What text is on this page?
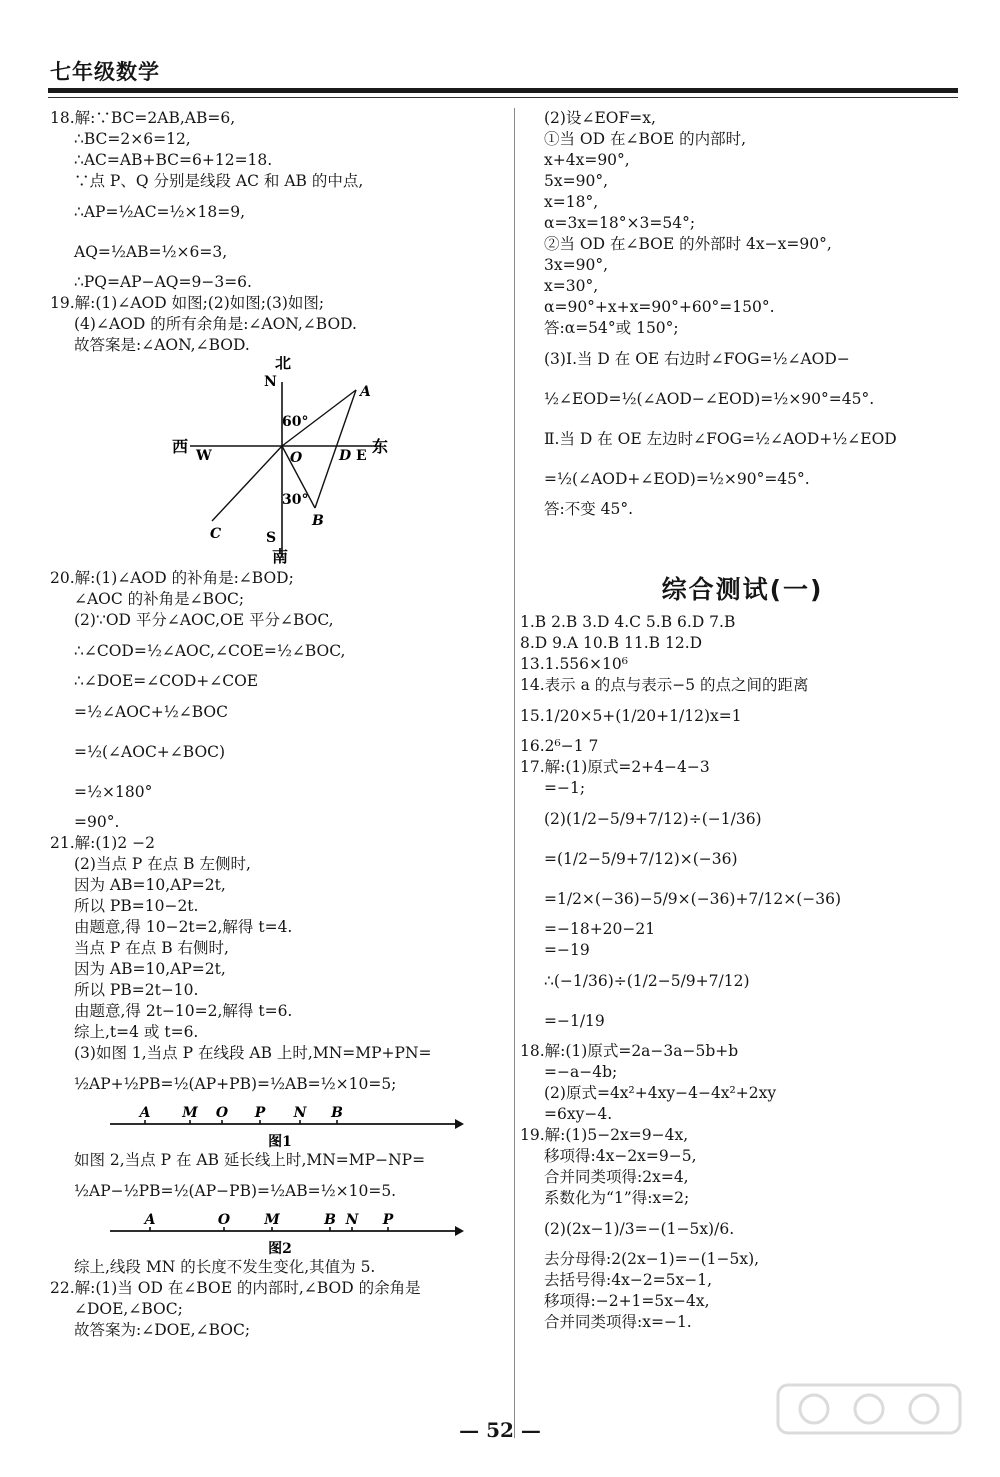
七年级数学
18.解:∵BC=2AB,AB=6,
∴BC=2×6=12,
∴AC=AB+BC=6+12=18.
∵点 P、Q 分别是线段 AC 和 AB 的中点,
∴AP=½AC=½×18=9,
AQ=½AB=½×6=3,
∴PQ=AP−AQ=9−3=6.
19.解:(1)∠AOD 如图;(2)如图;(3)如图;
(4)∠AOD 的所有余角是:∠AON,∠BOD.
故答案是:∠AON,∠BOD.
北
N
西 W	东
E
O	D
A
B
C	S
南
60°
30°
20.解:(1)∠AOD 的补角是:∠BOD;
∠AOC 的补角是∠BOC;
(2)∵OD 平分∠AOC,OE 平分∠BOC,
∴∠COD=½∠AOC,∠COE=½∠BOC,
∴∠DOE=∠COD+∠COE
=½∠AOC+½∠BOC
=½(∠AOC+∠BOC)
=½×180°
=90°.
21.解:(1)2 −2
(2)当点 P 在点 B 左侧时,
因为 AB=10,AP=2t,
所以 PB=10−2t.
由题意,得 10−2t=2,解得 t=4.
当点 P 在点 B 右侧时,
因为 AB=10,AP=2t,
所以 PB=2t−10.
由题意,得 2t−10=2,解得 t=6.
综上,t=4 或 t=6.
(3)如图 1,当点 P 在线段 AB 上时,MN=MP+PN=
½AP+½PB=½(AP+PB)=½AB=½×10=5;
A M O P N B
图1
如图 2,当点 P 在 AB 延长线上时,MN=MP−NP=
½AP−½PB=½(AP−PB)=½AB=½×10=5.
A	O M	B N P
图2
综上,线段 MN 的长度不发生变化,其值为 5.
22.解:(1)当 OD 在∠BOE 的内部时,∠BOD 的余角是
∠DOE,∠BOC;
故答案为:∠DOE,∠BOC;
(2)设∠EOF=x,
①当 OD 在∠BOE 的内部时,
x+4x=90°,
5x=90°,
x=18°,
α=3x=18°×3=54°;
②当 OD 在∠BOE 的外部时 4x−x=90°,
3x=90°,
x=30°,
α=90°+x+x=90°+60°=150°.
答:α=54°或 150°;
(3)Ⅰ.当 D 在 OE 右边时∠FOG=½∠AOD−
½∠EOD=½(∠AOD−∠EOD)=½×90°=45°.
Ⅱ.当 D 在 OE 左边时∠FOG=½∠AOD+½∠EOD
=½(∠AOD+∠EOD)=½×90°=45°.
答:不变 45°.
综合测试(一)
1.B 2.B 3.D 4.C 5.B 6.D 7.B
8.D 9.A 10.B 11.B 12.D
13.1.556×10⁶
14.表示 a 的点与表示−5 的点之间的距离
15.1/20×5+(1/20+1/12)x=1
16.2⁶−1 7
17.解:(1)原式=2+4−4−3
=−1;
(2)(1/2−5/9+7/12)÷(−1/36)
=(1/2−5/9+7/12)×(−36)
=1/2×(−36)−5/9×(−36)+7/12×(−36)
=−18+20−21
=−19
∴(−1/36)÷(1/2−5/9+7/12)
=−1/19
18.解:(1)原式=2a−3a−5b+b
=−a−4b;
(2)原式=4x²+4xy−4−4x²+2xy
=6xy−4.
19.解:(1)5−2x=9−4x,
移项得:4x−2x=9−5,
合并同类项得:2x=4,
系数化为“1”得:x=2;
(2)(2x−1)/3=−(1−5x)/6.
去分母得:2(2x−1)=−(1−5x),
去括号得:4x−2=5x−1,
移项得:−2+1=5x−4x,
合并同类项得:x=−1.
— 52 —
